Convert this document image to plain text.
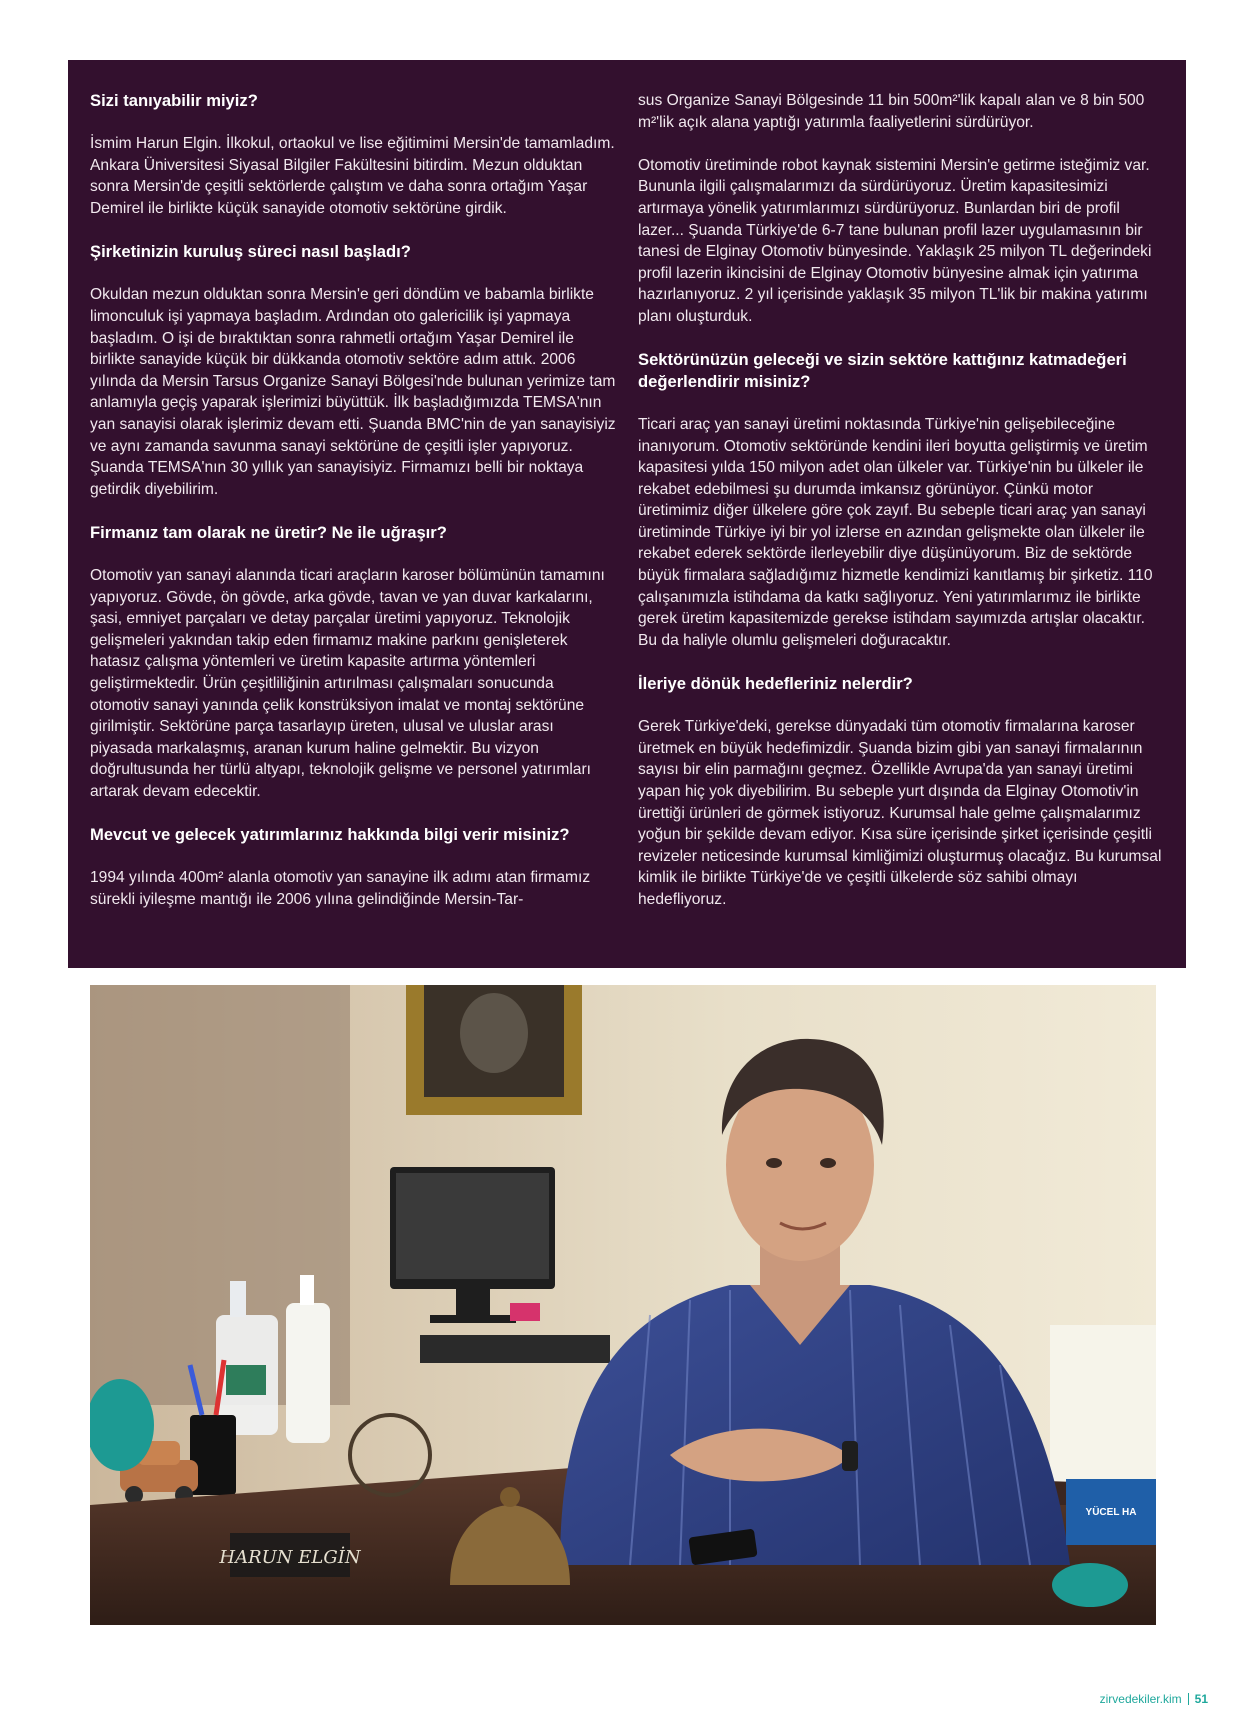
Sizi tanıyabilir miyiz?

İsmim Harun Elgin. İlkokul, ortaokul ve lise eğitimimi Mersin'de tamamladım. Ankara Üniversitesi Siyasal Bilgiler Fakültesini bitirdim. Mezun olduktan sonra Mersin'de çeşitli sektörlerde çalıştım ve daha sonra ortağım Yaşar Demirel ile birlikte küçük sanayide otomotiv sektörüne girdik.

Şirketinizin kuruluş süreci nasıl başladı?

Okuldan mezun olduktan sonra Mersin'e geri döndüm ve babamla birlikte limonculuk işi yapmaya başladım. Ardından oto galericilik işi yapmaya başladım. O işi de bıraktıktan sonra rahmetli ortağım Yaşar Demirel ile birlikte sanayide küçük bir dükkanda otomotiv sektöre adım attık. 2006 yılında da Mersin Tarsus Organize Sanayi Bölgesi'nde bulunan yerimize tam anlamıyla geçiş yaparak işlerimizi büyüttük. İlk başladığımızda TEMSA'nın yan sanayisi olarak işlerimiz devam etti. Şuanda BMC'nin de yan sanayisiyiz ve aynı zamanda savunma sanayi sektörüne de çeşitli işler yapıyoruz. Şuanda TEMSA'nın 30 yıllık yan sanayisiyiz. Firmamızı belli bir noktaya getirdik diyebilirim.

Firmanız tam olarak ne üretir? Ne ile uğraşır?

Otomotiv yan sanayi alanında ticari araçların karoser bölümünün tamamını yapıyoruz. Gövde, ön gövde, arka gövde, tavan ve yan duvar karkalarını, şasi, emniyet parçaları ve detay parçalar üretimi yapıyoruz. Teknolojik gelişmeleri yakından takip eden firmamız makine parkını genişleterek hatasız çalışma yöntemleri ve üretim kapasite artırma yöntemleri geliştirmektedir. Ürün çeşitliliğinin artırılması çalışmaları sonucunda otomotiv sanayi yanında çelik konstrüksiyon imalat ve montaj sektörüne girilmiştir. Sektörüne parça tasarlayıp üreten, ulusal ve uluslar arası piyasada markalaşmış, aranan kurum haline gelmektir. Bu vizyon doğrultusunda her türlü altyapı, teknolojik gelişme ve personel yatırımları artarak devam edecektir.

Mevcut ve gelecek yatırımlarınız hakkında bilgi verir misiniz?

1994 yılında 400m² alanla otomotiv yan sanayine ilk adımı atan firmamız sürekli iyileşme mantığı ile 2006 yılına gelindiğinde Mersin-Tar-

sus Organize Sanayi Bölgesinde 11 bin 500m²'lik kapalı alan ve 8 bin 500 m²'lik açık alana yaptığı yatırımla faaliyetlerini sürdürüyor.

Otomotiv üretiminde robot kaynak sistemini Mersin'e getirme isteğimiz var. Bununla ilgili çalışmalarımızı da sürdürüyoruz. Üretim kapasitesimizi artırmaya yönelik yatırımlarımızı sürdürüyoruz. Bunlardan biri de profil lazer... Şuanda Türkiye'de 6-7 tane bulunan profil lazer uygulamasının bir tanesi de Elginay Otomotiv bünyesinde. Yaklaşık 25 milyon TL değerindeki profil lazerin ikincisini de Elginay Otomotiv bünyesine almak için yatırıma hazırlanıyoruz. 2 yıl içerisinde yaklaşık 35 milyon TL'lik bir makina yatırımı planı oluşturduk.

Sektörünüzün geleceği ve sizin sektöre kattığınız katmadeğeri değerlendirir misiniz?

Ticari araç yan sanayi üretimi noktasında Türkiye'nin gelişebileceğine inanıyorum. Otomotiv sektöründe kendini ileri boyutta geliştirmiş ve üretim kapasitesi yılda 150 milyon adet olan ülkeler var. Türkiye'nin bu ülkeler ile rekabet edebilmesi şu durumda imkansız görünüyor. Çünkü motor üretimimiz diğer ülkelere göre çok zayıf. Bu sebeple ticari araç yan sanayi üretiminde Türkiye iyi bir yol izlerse en azından gelişmekte olan ülkeler ile rekabet ederek sektörde ilerleyebilir diye düşünüyorum. Biz de sektörde büyük firmalara sağladığımız hizmetle kendimizi kanıtlamış bir şirketiz. 110 çalışanımızla istihdama da katkı sağlıyoruz. Yeni yatırımlarımız ile birlikte gerek üretim kapasitemizde gerekse istihdam sayımızda artışlar olacaktır. Bu da haliyle olumlu gelişmeleri doğuracaktır.

İleriye dönük hedefleriniz nelerdir?

Gerek Türkiye'deki, gerekse dünyadaki tüm otomotiv firmalarına karoser üretmek en büyük hedefimizdir. Şuanda bizim gibi yan sanayi firmalarının sayısı bir elin parmağını geçmez. Özellikle Avrupa'da yan sanayi üretimi yapan hiç yok diyebilirim. Bu sebeple yurt dışında da Elginay Otomotiv'in ürettiği ürünleri de görmek istiyoruz. Kurumsal hale gelme çalışmalarımız yoğun bir şekilde devam ediyor. Kısa süre içerisinde şirket içerisinde çeşitli revizeler neticesinde kurumsal kimliğimizi oluşturmuş olacağız. Bu kurumsal kimlik ile birlikte Türkiye'de ve çeşitli ülkelerde söz sahibi olmayı hedefliyoruz.

HARUN ELGİN
YÜCEL HA
zirvedekiler.kim 51
